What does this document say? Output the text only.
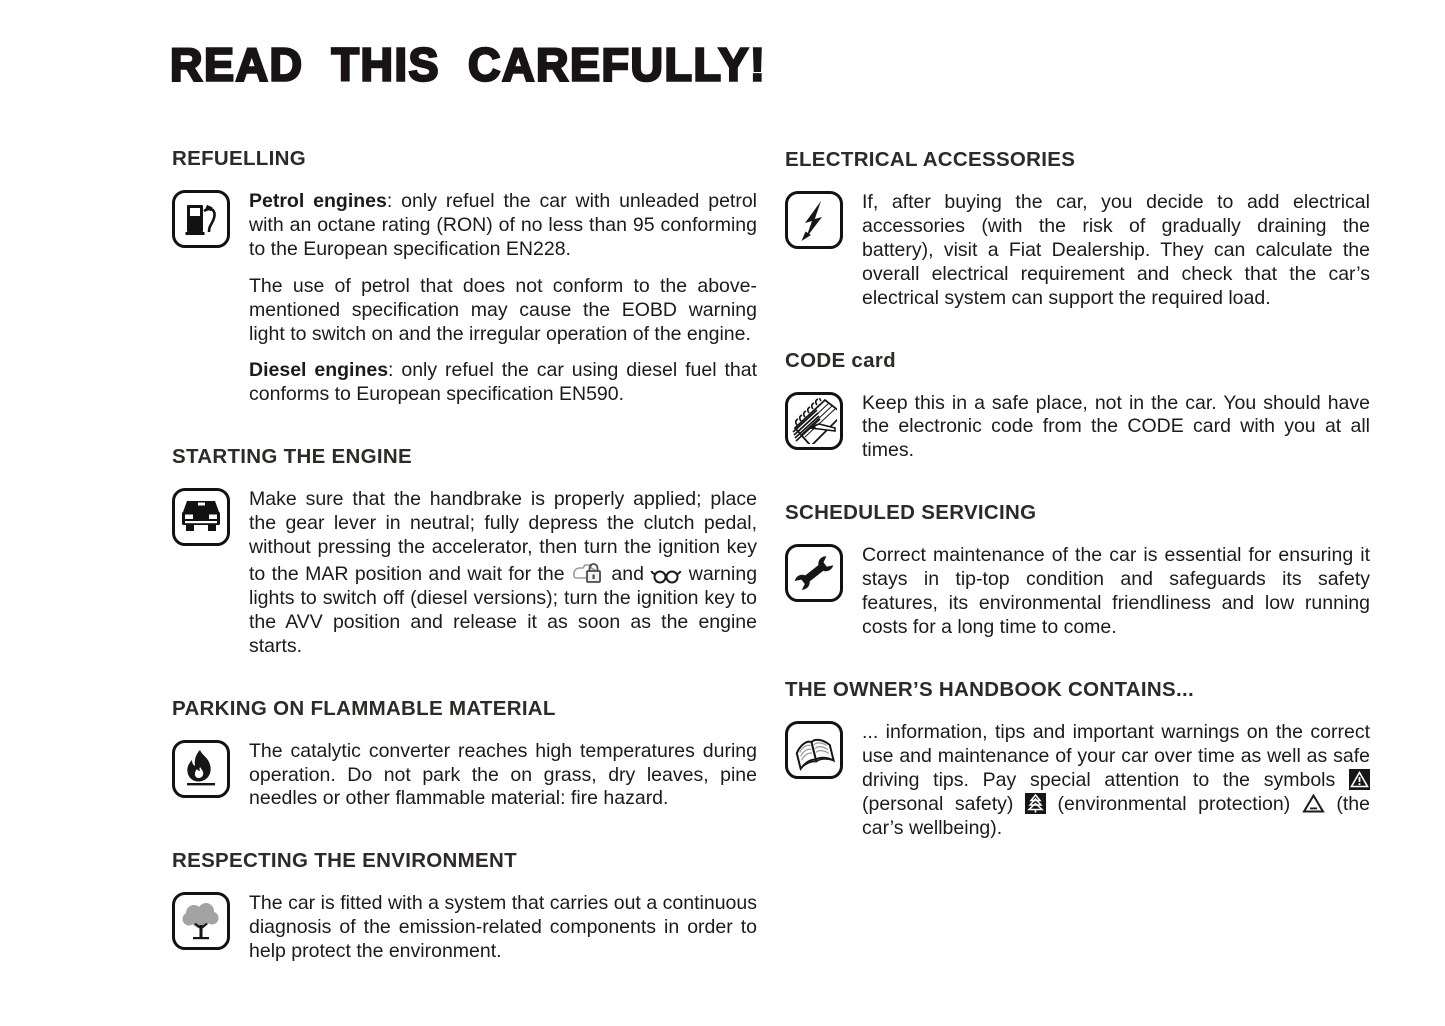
READ THIS CAREFULLY!
REFUELLING

Petrol engines: only refuel the car with unleaded petrol with an octane rating (RON) of no less than 95 conforming to the European specification EN228.

The use of petrol that does not conform to the above-mentioned specification may cause the EOBD warning light to switch on and the irregular operation of the engine.

Diesel engines: only refuel the car using diesel fuel that conforms to European specification EN590.

STARTING THE ENGINE

Make sure that the handbrake is properly applied; place the gear lever in neutral; fully depress the clutch pedal, without pressing the accelerator, then turn the ignition key to the MAR position and wait for the and warning lights to switch off (diesel versions); turn the ignition key to the AVV position and release it as soon as the engine starts.

PARKING ON FLAMMABLE MATERIAL

The catalytic converter reaches high temperatures during operation. Do not park the on grass, dry leaves, pine needles or other flammable material: fire hazard.

RESPECTING THE ENVIRONMENT

The car is fitted with a system that carries out a continuous diagnosis of the emission-related components in order to help protect the environment.

ELECTRICAL ACCESSORIES

If, after buying the car, you decide to add electrical accessories (with the risk of gradually draining the battery), visit a Fiat Dealership. They can calculate the overall electrical requirement and check that the car’s electrical system can support the required load.

CODE card

Keep this in a safe place, not in the car. You should have the electronic code from the CODE card with you at all times.

SCHEDULED SERVICING

Correct maintenance of the car is essential for ensuring it stays in tip-top condition and safeguards its safety features, its environmental friendliness and low running costs for a long time to come.

THE OWNER’S HANDBOOK CONTAINS...

... information, tips and important warnings on the correct use and maintenance of your car over time as well as safe driving tips. Pay special attention to the symbols  (personal safety) (environmental protection) (the car’s wellbeing).
